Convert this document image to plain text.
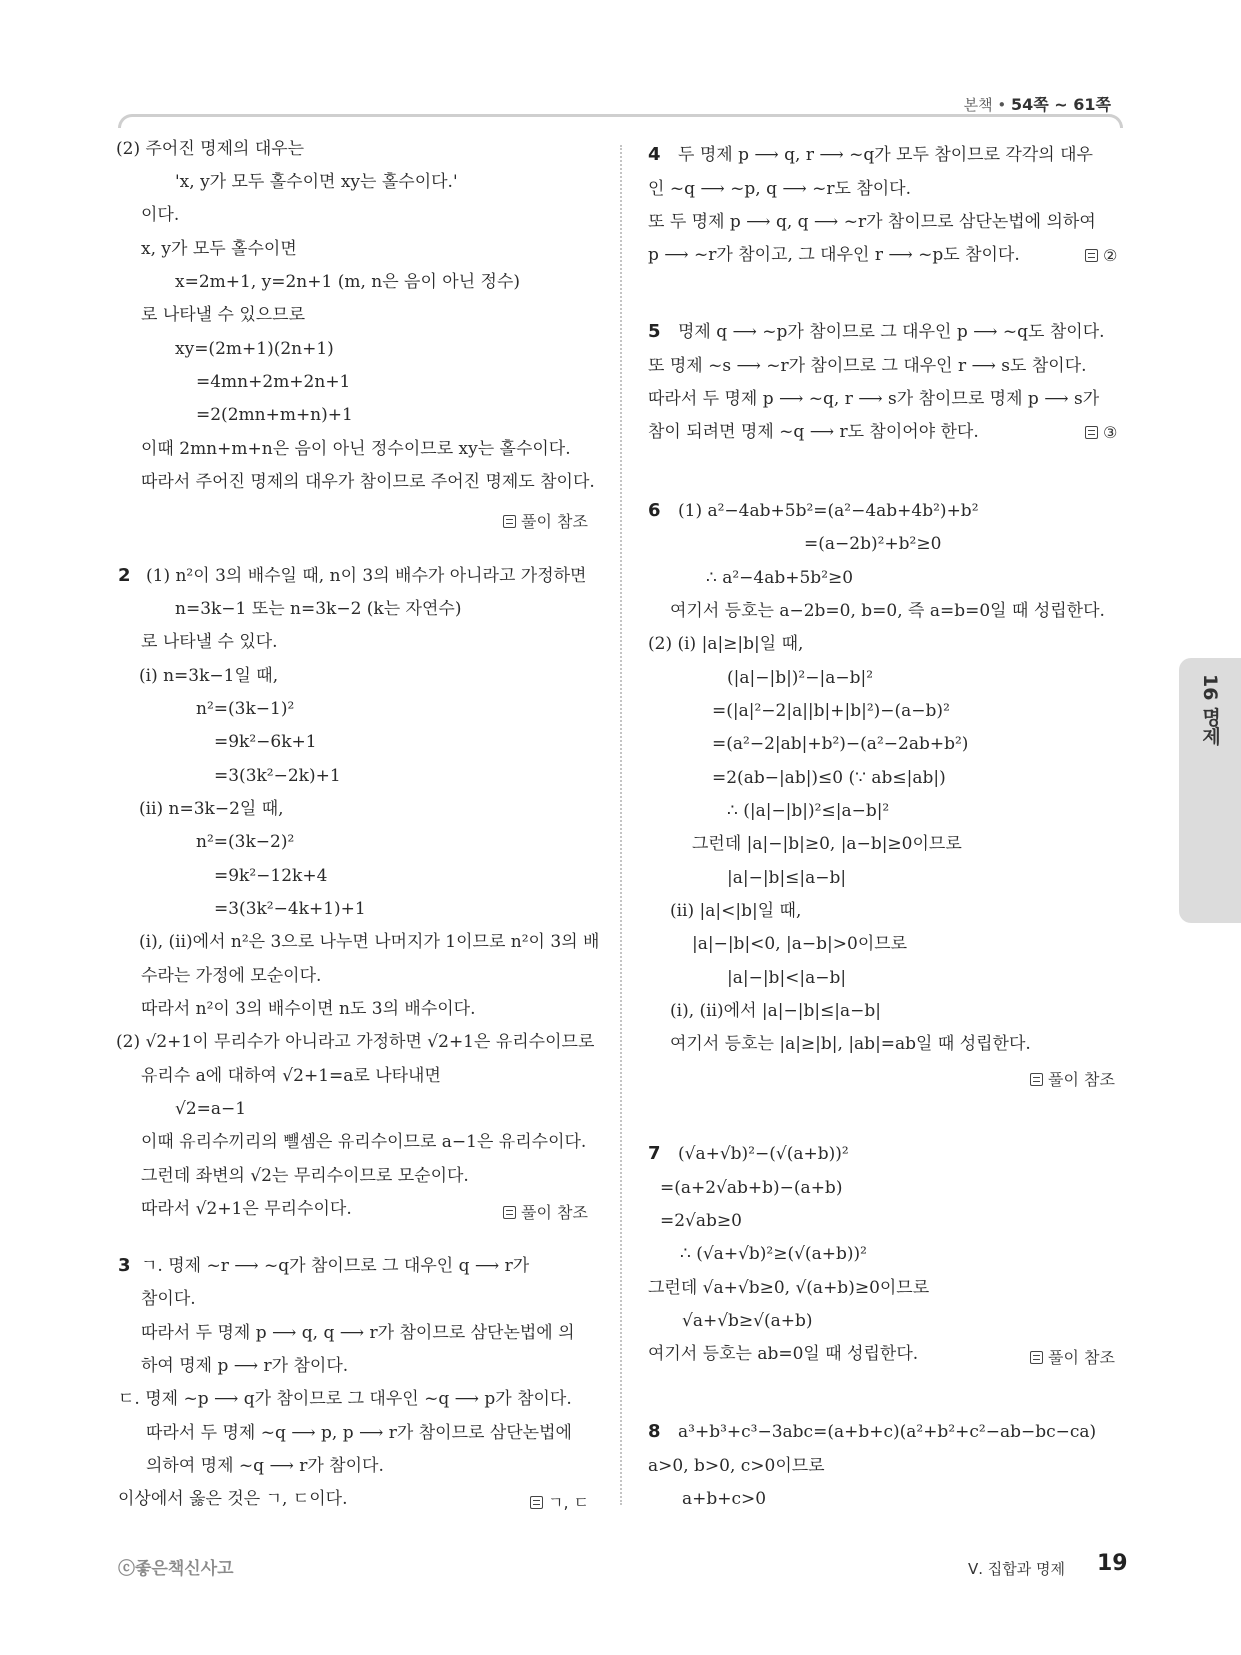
본책 • 54쪽 ~ 61쪽
(2) 주어진 명제의 대우는
'x, y가 모두 홀수이면 xy는 홀수이다.'
이다.
x, y가 모두 홀수이면
x=2m+1, y=2n+1 (m, n은 음이 아닌 정수)
로 나타낼 수 있으므로
xy=(2m+1)(2n+1)
=4mn+2m+2n+1
=2(2mn+m+n)+1
이때 2mn+m+n은 음이 아닌 정수이므로 xy는 홀수이다.
따라서 주어진 명제의 대우가 참이므로 주어진 명제도 참이다.
풀이 참조
2 (1) n²이 3의 배수일 때, n이 3의 배수가 아니라고 가정하면
n=3k−1 또는 n=3k−2 (k는 자연수)
로 나타낼 수 있다.
(ⅰ) n=3k−1일 때,
n²=(3k−1)²
=9k²−6k+1
=3(3k²−2k)+1
(ⅱ) n=3k−2일 때,
n²=(3k−2)²
=9k²−12k+4
=3(3k²−4k+1)+1
(ⅰ), (ⅱ)에서 n²은 3으로 나누면 나머지가 1이므로 n²이 3의 배
수라는 가정에 모순이다.
따라서 n²이 3의 배수이면 n도 3의 배수이다.
(2) √2+1이 무리수가 아니라고 가정하면 √2+1은 유리수이므로
유리수 a에 대하여 √2+1=a로 나타내면
√2=a−1
이때 유리수끼리의 뺄셈은 유리수이므로 a−1은 유리수이다.
그런데 좌변의 √2는 무리수이므로 모순이다.
따라서 √2+1은 무리수이다.	풀이 참조
3 ㄱ. 명제 ~r ⟶ ~q가 참이므로 그 대우인 q ⟶ r가
참이다.
따라서 두 명제 p ⟶ q, q ⟶ r가 참이므로 삼단논법에 의
하여 명제 p ⟶ r가 참이다.
ㄷ. 명제 ~p ⟶ q가 참이므로 그 대우인 ~q ⟶ p가 참이다.
따라서 두 명제 ~q ⟶ p, p ⟶ r가 참이므로 삼단논법에
의하여 명제 ~q ⟶ r가 참이다.
이상에서 옳은 것은 ㄱ, ㄷ이다.	ㄱ, ㄷ
4 두 명제 p ⟶ q, r ⟶ ~q가 모두 참이므로 각각의 대우
인 ~q ⟶ ~p, q ⟶ ~r도 참이다.
또 두 명제 p ⟶ q, q ⟶ ~r가 참이므로 삼단논법에 의하여
p ⟶ ~r가 참이고, 그 대우인 r ⟶ ~p도 참이다.	②
5 명제 q ⟶ ~p가 참이므로 그 대우인 p ⟶ ~q도 참이다.
또 명제 ~s ⟶ ~r가 참이므로 그 대우인 r ⟶ s도 참이다.
따라서 두 명제 p ⟶ ~q, r ⟶ s가 참이므로 명제 p ⟶ s가
참이 되려면 명제 ~q ⟶ r도 참이어야 한다.	③
6 (1) a²−4ab+5b²=(a²−4ab+4b²)+b²
=(a−2b)²+b²≥0
∴ a²−4ab+5b²≥0
여기서 등호는 a−2b=0, b=0, 즉 a=b=0일 때 성립한다.
(2) (ⅰ) |a|≥|b|일 때,
(|a|−|b|)²−|a−b|²
=(|a|²−2|a||b|+|b|²)−(a−b)²
=(a²−2|ab|+b²)−(a²−2ab+b²)
=2(ab−|ab|)≤0 (∵ ab≤|ab|)
∴ (|a|−|b|)²≤|a−b|²
그런데 |a|−|b|≥0, |a−b|≥0이므로
|a|−|b|≤|a−b|
(ⅱ) |a|<|b|일 때,
|a|−|b|<0, |a−b|>0이므로
|a|−|b|<|a−b|
(ⅰ), (ⅱ)에서 |a|−|b|≤|a−b|
여기서 등호는 |a|≥|b|, |ab|=ab일 때 성립한다.
풀이 참조
7 (√a+√b)²−(√(a+b))²
=(a+2√ab+b)−(a+b)
=2√ab≥0
∴ (√a+√b)²≥(√(a+b))²
그런데 √a+√b≥0, √(a+b)≥0이므로
√a+√b≥√(a+b)
여기서 등호는 ab=0일 때 성립한다.	풀이 참조
8 a³+b³+c³−3abc=(a+b+c)(a²+b²+c²−ab−bc−ca)
a>0, b>0, c>0이므로
a+b+c>0
16 명제
ⓒ좋은책신사고	Ⅴ. 집합과 명제 19
